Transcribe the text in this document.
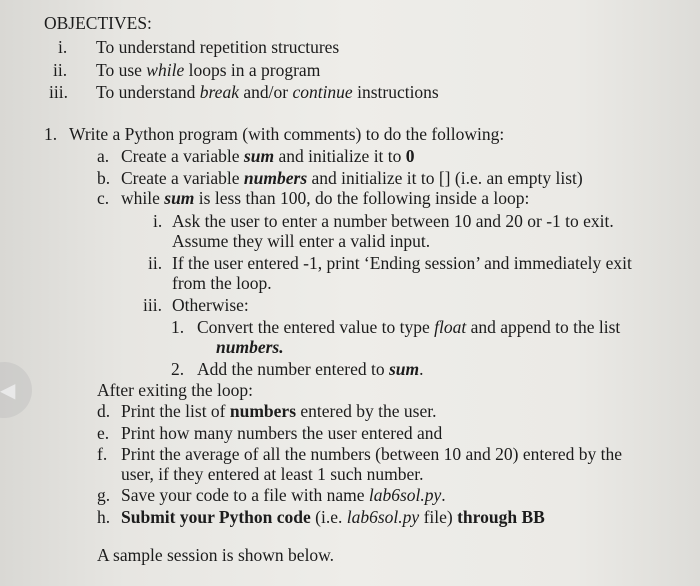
◀
OBJECTIVES:
i. To understand repetition structures
ii. To use while loops in a program
iii. To understand break and/or continue instructions
1. Write a Python program (with comments) to do the following:
a. Create a variable sum and initialize it to 0
b. Create a variable numbers and initialize it to [] (i.e. an empty list)
c. while sum is less than 100, do the following inside a loop:
i. Ask the user to enter a number between 10 and 20 or -1 to exit.
Assume they will enter a valid input.
ii. If the user entered -1, print ‘Ending session’ and immediately exit
from the loop.
iii. Otherwise:
1. Convert the entered value to type float and append to the list
numbers.
2. Add the number entered to sum.
After exiting the loop:
d. Print the list of numbers entered by the user.
e. Print how many numbers the user entered and
f. Print the average of all the numbers (between 10 and 20) entered by the
user, if they entered at least 1 such number.
g. Save your code to a file with name lab6sol.py.
h. Submit your Python code (i.e. lab6sol.py file) through BB
A sample session is shown below.
